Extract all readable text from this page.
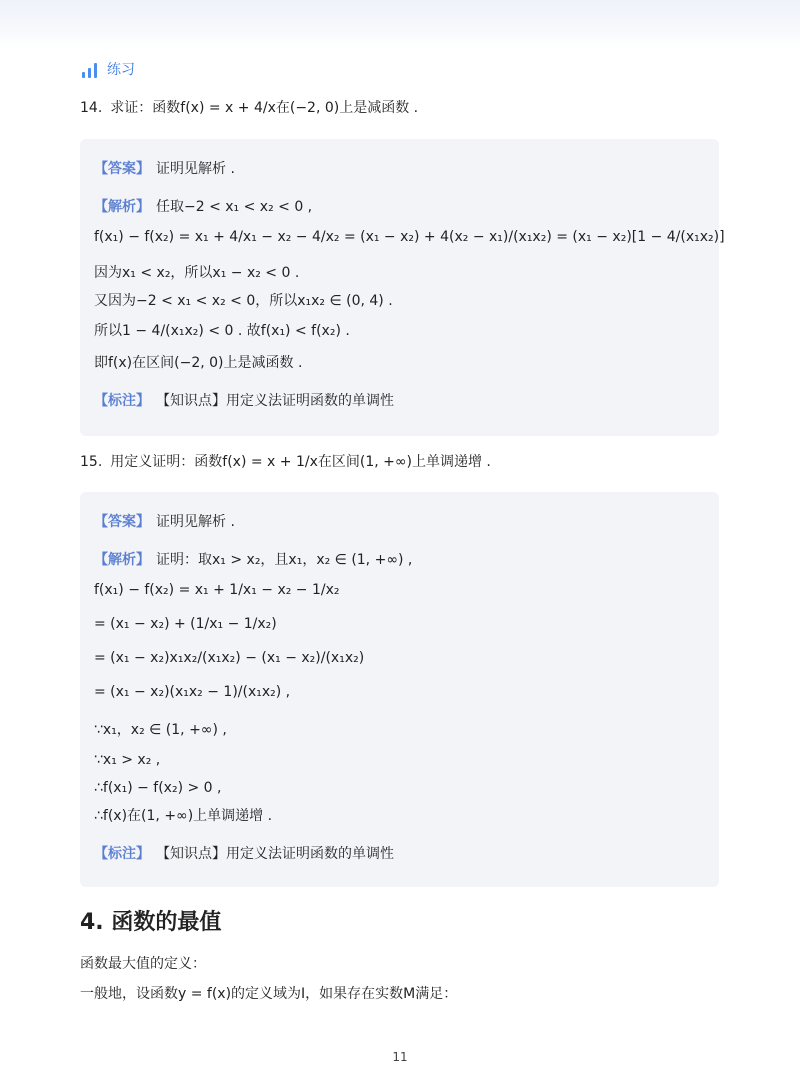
练习
14. 求证：函数f(x) = x + 4/x在(−2, 0)上是减函数 .
【答案】 证明见解析 .
【解析】 任取−2 < x₁ < x₂ < 0 ,
f(x₁) − f(x₂) = x₁ + 4/x₁ − x₂ − 4/x₂ = (x₁ − x₂) + 4(x₂ − x₁)/(x₁x₂) = (x₁ − x₂)[1 − 4/(x₁x₂)]
因为x₁ < x₂，所以x₁ − x₂ < 0 .
又因为−2 < x₁ < x₂ < 0，所以x₁x₂ ∈ (0, 4) .
所以1 − 4/(x₁x₂) < 0 . 故f(x₁) < f(x₂) .
即f(x)在区间(−2, 0)上是减函数 .
【标注】 【知识点】用定义法证明函数的单调性
15. 用定义证明：函数f(x) = x + 1/x在区间(1, +∞)上单调递增 .
【答案】 证明见解析 .
【解析】 证明：取x₁ > x₂，且x₁，x₂ ∈ (1, +∞) ,
f(x₁) − f(x₂) = x₁ + 1/x₁ − x₂ − 1/x₂
= (x₁ − x₂) + (1/x₁ − 1/x₂)
= (x₁ − x₂)x₁x₂/(x₁x₂) − (x₁ − x₂)/(x₁x₂)
= (x₁ − x₂)(x₁x₂ − 1)/(x₁x₂) ,
∵x₁，x₂ ∈ (1, +∞) ,
∵x₁ > x₂ ,
∴f(x₁) − f(x₂) > 0 ,
∴f(x)在(1, +∞)上单调递增 .
【标注】 【知识点】用定义法证明函数的单调性
4. 函数的最值
函数最大值的定义：
一般地，设函数y = f(x)的定义域为I，如果存在实数M满足：
11
